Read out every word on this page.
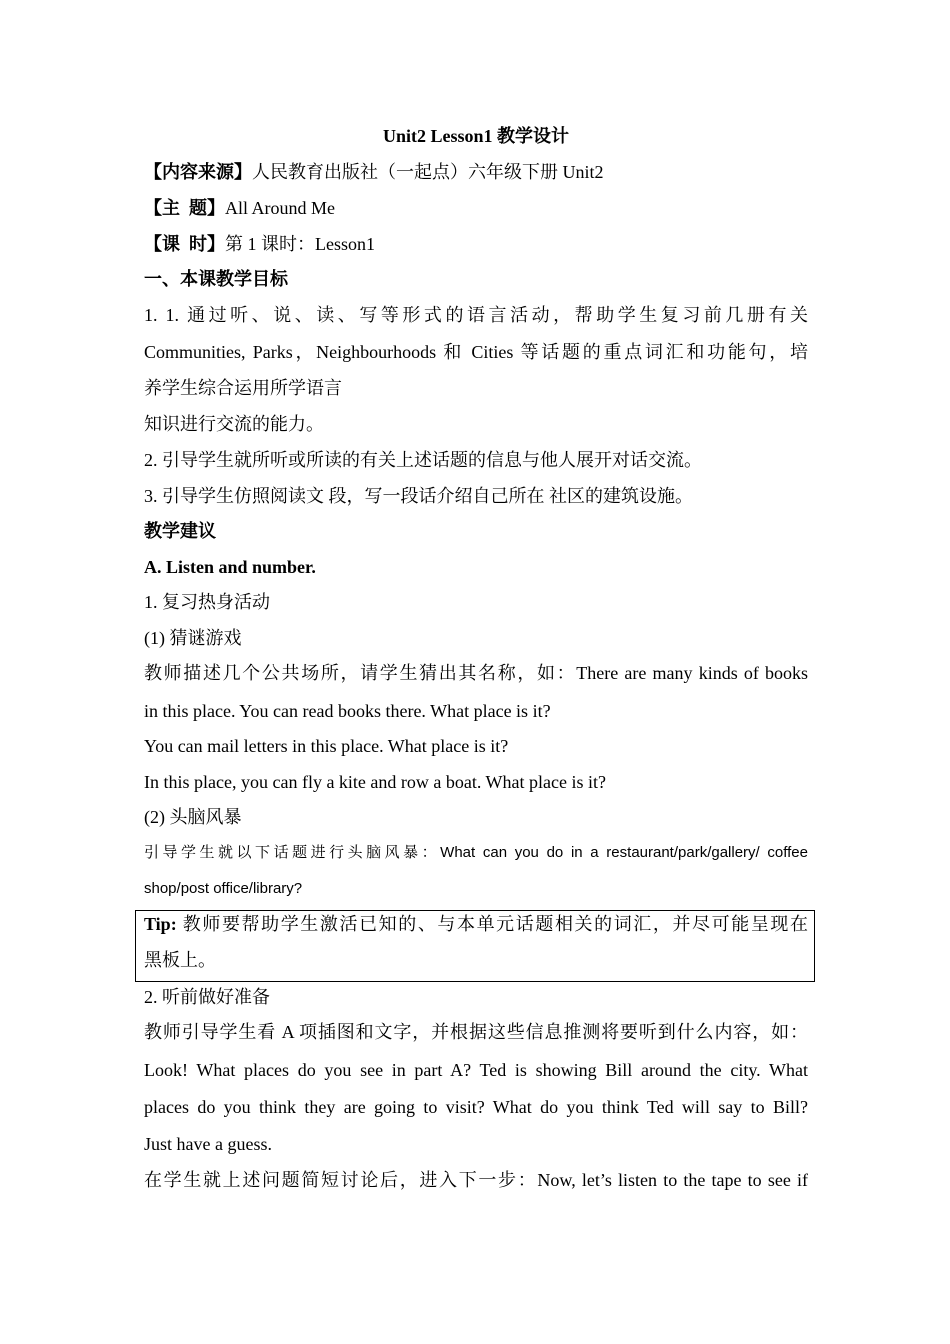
Unit2 Lesson1 教学设计
【内容来源】人民教育出版社（一起点）六年级下册 Unit2
【主  题】All Around Me
【课  时】第 1 课时：Lesson1
一、本课教学目标
1. 1. 通过听、说、读、写等形式的语言活动，帮助学生复习前几册有关
Communities, Parks，Neighbourhoods 和 Cities 等话题的重点词汇和功能句，培
养学生综合运用所学语言
知识进行交流的能力。
2. 引导学生就所听或所读的有关上述话题的信息与他人展开对话交流。
3. 引导学生仿照阅读文 段，写一段话介绍自己所在 社区的建筑设施。
教学建议
A. Listen and number.
1. 复习热身活动
(1) 猜谜游戏
教师描述几个公共场所，请学生猜出其名称，如：There are many kinds of books
in this place. You can read books there. What place is it?
You can mail letters in this place. What place is it?
In this place, you can fly a kite and row a boat. What place is it?
(2) 头脑风暴
引导学生就以下话题进行头脑风暴：What can you do in a restaurant/park/gallery/ coffee
shop/post office/library?
Tip: 教师要帮助学生激活已知的、与本单元话题相关的词汇，并尽可能呈现在
黑板上。
2. 听前做好准备
教师引导学生看 A 项插图和文字，并根据这些信息推测将要听到什么内容，如：
Look! What places do you see in part A? Ted is showing Bill around the city. What
places do you think they are going to visit? What do you think Ted will say to Bill?
Just have a guess.
在学生就上述问题简短讨论后，进入下一步：Now, let’s listen to the tape to see if
